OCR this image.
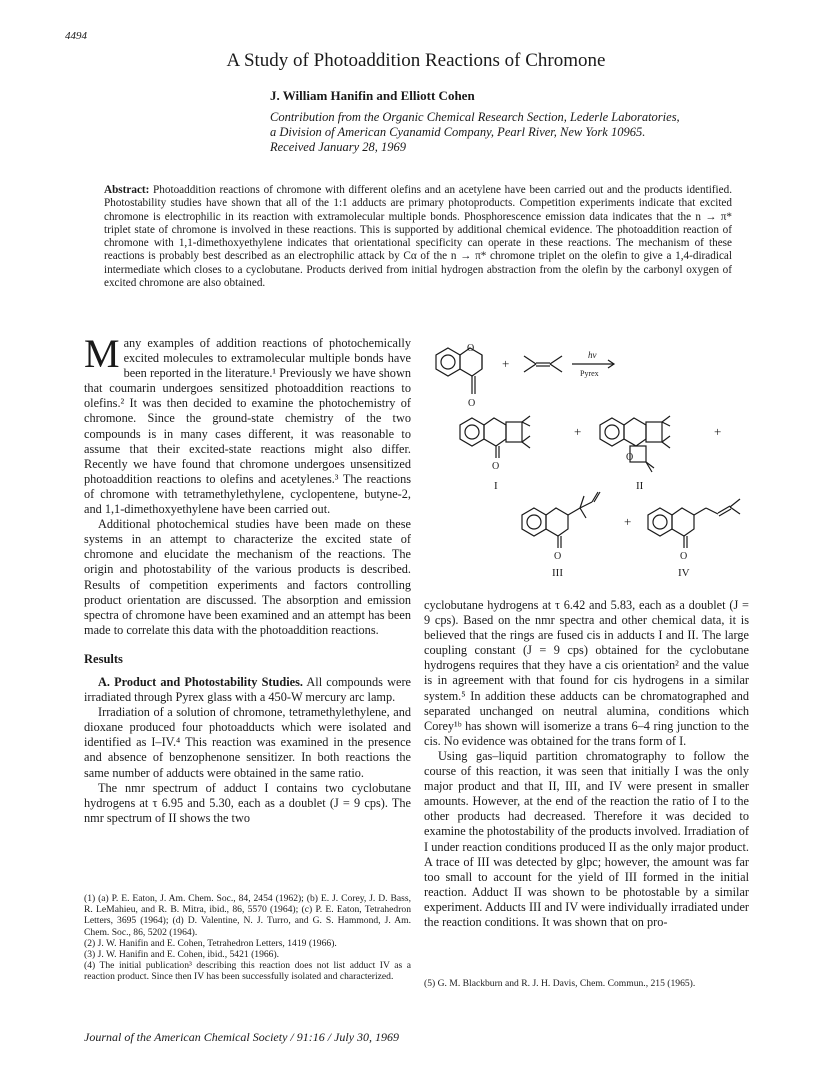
4494
A Study of Photoaddition Reactions of Chromone
J. William Hanifin and Elliott Cohen
Contribution from the Organic Chemical Research Section, Lederle Laboratories,
a Division of American Cyanamid Company, Pearl River, New York 10965.
Received January 28, 1969
Abstract: Photoaddition reactions of chromone with different olefins and an acetylene have been carried out and the products identified. Photostability studies have shown that all of the 1:1 adducts are primary photoproducts. Competition experiments indicate that excited chromone is electrophilic in its reaction with extramolecular multiple bonds. Phosphorescence emission data indicates that the n → π* triplet state of chromone is involved in these reactions. This is supported by additional chemical evidence. The photoaddition reaction of chromone with 1,1-dimethoxyethylene indicates that orientational specificity can operate in these reactions. The mechanism of these reactions is probably best described as an electrophilic attack by Cα of the n → π* chromone triplet on the olefin to give a 1,4-diradical intermediate which closes to a cyclobutane. Products derived from initial hydrogen abstraction from the olefin by the carbonyl oxygen of excited chromone are also obtained.

Many examples of addition reactions of photochemically excited molecules to extramolecular multiple bonds have been reported in the literature.¹ Previously we have shown that coumarin undergoes sensitized photoaddition reactions to olefins.² It was then decided to examine the photochemistry of chromone. Since the ground-state chemistry of the two compounds is in many cases different, it was reasonable to assume that their excited-state reactions might also differ. Recently we have found that chromone undergoes unsensitized photoaddition reactions to olefins and acetylenes.³ The reactions of chromone with tetramethylethylene, cyclopentene, butyne-2, and 1,1-dimethoxyethylene have been carried out.

Additional photochemical studies have been made on these systems in an attempt to characterize the excited state of chromone and elucidate the mechanism of the reactions. The origin and photostability of the various products is described. Results of competition experiments and factors controlling product orientation are discussed. The absorption and emission spectra of chromone have been examined and an attempt has been made to correlate this data with the photoaddition reactions.

Results

A. Product and Photostability Studies. All compounds were irradiated through Pyrex glass with a 450-W mercury arc lamp.

Irradiation of a solution of chromone, tetramethylethylene, and dioxane produced four photoadducts which were isolated and identified as I–IV.⁴ This reaction was examined in the presence and absence of benzophenone sensitizer. In both reactions the same number of adducts were obtained in the same ratio.

The nmr spectrum of adduct I contains two cyclobutane hydrogens at τ 6.95 and 5.30, each as a doublet (J = 9 cps). The nmr spectrum of II shows the two

(1) (a) P. E. Eaton, J. Am. Chem. Soc., 84, 2454 (1962); (b) E. J. Corey, J. D. Bass, R. LeMahieu, and R. B. Mitra, ibid., 86, 5570 (1964); (c) P. E. Eaton, Tetrahedron Letters, 3695 (1964); (d) D. Valentine, N. J. Turro, and G. S. Hammond, J. Am. Chem. Soc., 86, 5202 (1964).
(2) J. W. Hanifin and E. Cohen, Tetrahedron Letters, 1419 (1966).
(3) J. W. Hanifin and E. Cohen, ibid., 5421 (1966).
(4) The initial publication³ describing this reaction does not list adduct IV as a reaction product. Since then IV has been successfully isolated and characterized.
O
O
+
hν
Pyrex
O
I
+
O
II
+
O
III
+
O
IV

cyclobutane hydrogens at τ 6.42 and 5.83, each as a doublet (J = 9 cps). Based on the nmr spectra and other chemical data, it is believed that the rings are fused cis in adducts I and II. The large coupling constant (J = 9 cps) obtained for the cyclobutane hydrogens requires that they have a cis orientation² and the value is in agreement with that found for cis hydrogens in a similar system.⁵ In addition these adducts can be chromatographed and separated unchanged on neutral alumina, conditions which Corey¹ᵇ has shown will isomerize a trans 6–4 ring junction to the cis. No evidence was obtained for the trans form of I.

Using gas–liquid partition chromatography to follow the course of this reaction, it was seen that initially I was the only major product and that II, III, and IV were present in smaller amounts. However, at the end of the reaction the ratio of I to the other products had decreased. Therefore it was decided to examine the photostability of the products involved. Irradiation of I under reaction conditions produced II as the only major product. A trace of III was detected by glpc; however, the amount was far too small to account for the yield of III formed in the initial reaction. Adduct II was shown to be photostable by a similar experiment. Adducts III and IV were individually irradiated under the reaction conditions. It was shown that on pro-

(5) G. M. Blackburn and R. J. H. Davis, Chem. Commun., 215 (1965).
Journal of the American Chemical Society / 91:16 / July 30, 1969
